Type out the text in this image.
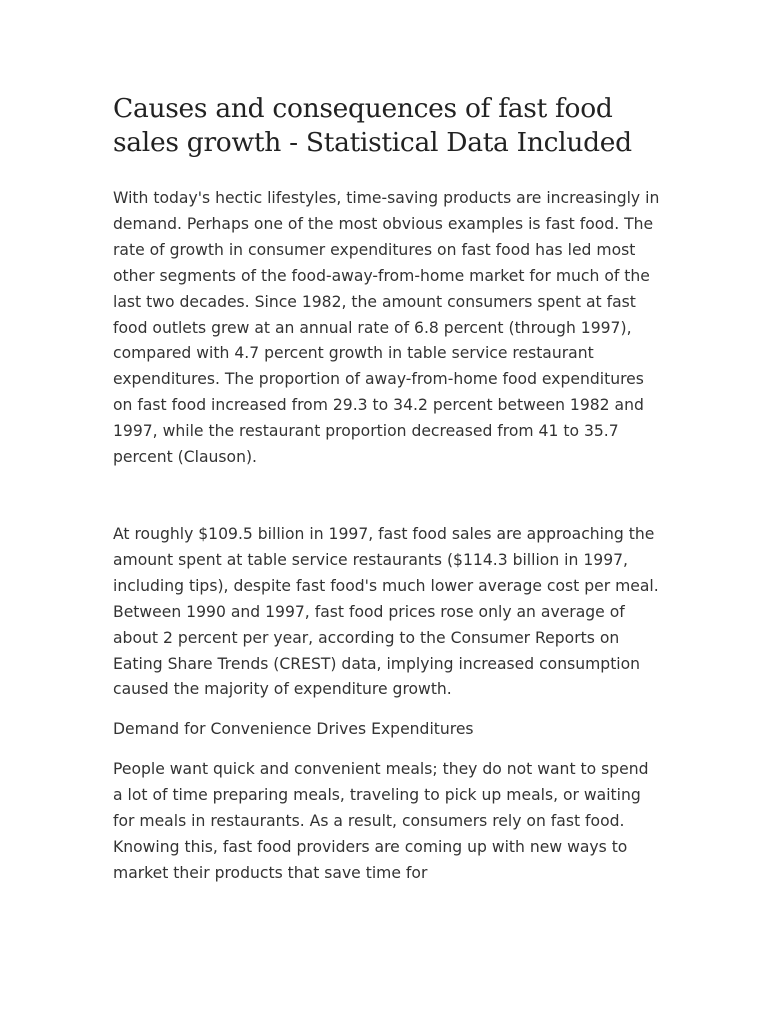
Causes and consequences of fast food sales growth - Statistical Data Included

With today's hectic lifestyles, time-saving products are increasingly in demand. Perhaps one of the most obvious examples is fast food. The rate of growth in consumer expenditures on fast food has led most other segments of the food-away-from-home market for much of the last two decades. Since 1982, the amount consumers spent at fast food outlets grew at an annual rate of 6.8 percent (through 1997), compared with 4.7 percent growth in table service restaurant expenditures. The proportion of away-from-home food expenditures on fast food increased from 29.3 to 34.2 percent between 1982 and 1997, while the restaurant proportion decreased from 41 to 35.7 percent (Clauson).

At roughly $109.5 billion in 1997, fast food sales are approaching the amount spent at table service restaurants ($114.3 billion in 1997, including tips), despite fast food's much lower average cost per meal. Between 1990 and 1997, fast food prices rose only an average of about 2 percent per year, according to the Consumer Reports on Eating Share Trends (CREST) data, implying increased consumption caused the majority of expenditure growth.

Demand for Convenience Drives Expenditures

People want quick and convenient meals; they do not want to spend a lot of time preparing meals, traveling to pick up meals, or waiting for meals in restaurants. As a result, consumers rely on fast food. Knowing this, fast food providers are coming up with new ways to market their products that save time for
